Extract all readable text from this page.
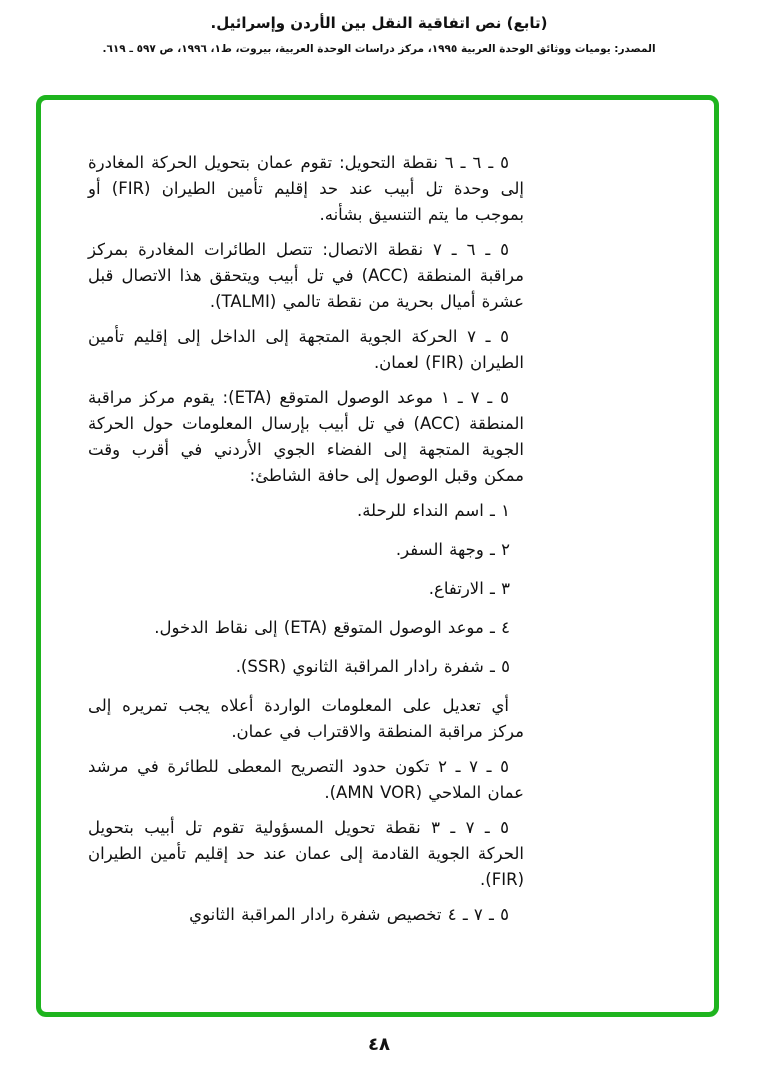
(تابع) نص اتفاقية النقل بين الأردن وإسرائيل.
المصدر: يوميات ووثائق الوحدة العربية ١٩٩٥، مركز دراسات الوحدة العربية، بيروت، ط١، ١٩٩٦، ص ٥٩٧ ـ ٦١٩.
٥ ـ ٦ ـ ٦ نقطة التحويل: تقوم عمان بتحويل الحركة المغادرة إلى وحدة تل أبيب عند حد إقليم تأمين الطيران (FIR) أو بموجب ما يتم التنسيق بشأنه.
٥ ـ ٦ ـ ٧ نقطة الاتصال: تتصل الطائرات المغادرة بمركز مراقبة المنطقة (ACC) في تل أبيب ويتحقق هذا الاتصال قبل عشرة أميال بحرية من نقطة تالمي (TALMI).
٥ ـ ٧ الحركة الجوية المتجهة إلى الداخل إلى إقليم تأمين الطيران (FIR) لعمان.
٥ ـ ٧ ـ ١ موعد الوصول المتوقع (ETA): يقوم مركز مراقبة المنطقة (ACC) في تل أبيب بإرسال المعلومات حول الحركة الجوية المتجهة إلى الفضاء الجوي الأردني في أقرب وقت ممكن وقبل الوصول إلى حافة الشاطئ:
١ ـ اسم النداء للرحلة.
٢ ـ وجهة السفر.
٣ ـ الارتفاع.
٤ ـ موعد الوصول المتوقع (ETA) إلى نقاط الدخول.
٥ ـ شفرة رادار المراقبة الثانوي (SSR).
أي تعديل على المعلومات الواردة أعلاه يجب تمريره إلى مركز مراقبة المنطقة والاقتراب في عمان.
٥ ـ ٧ ـ ٢ تكون حدود التصريح المعطى للطائرة في مرشد عمان الملاحي (AMN VOR).
٥ ـ ٧ ـ ٣ نقطة تحويل المسؤولية تقوم تل أبيب بتحويل الحركة الجوية القادمة إلى عمان عند حد إقليم تأمين الطيران (FIR).
٥ ـ ٧ ـ ٤ تخصيص شفرة رادار المراقبة الثانوي
٤٨
